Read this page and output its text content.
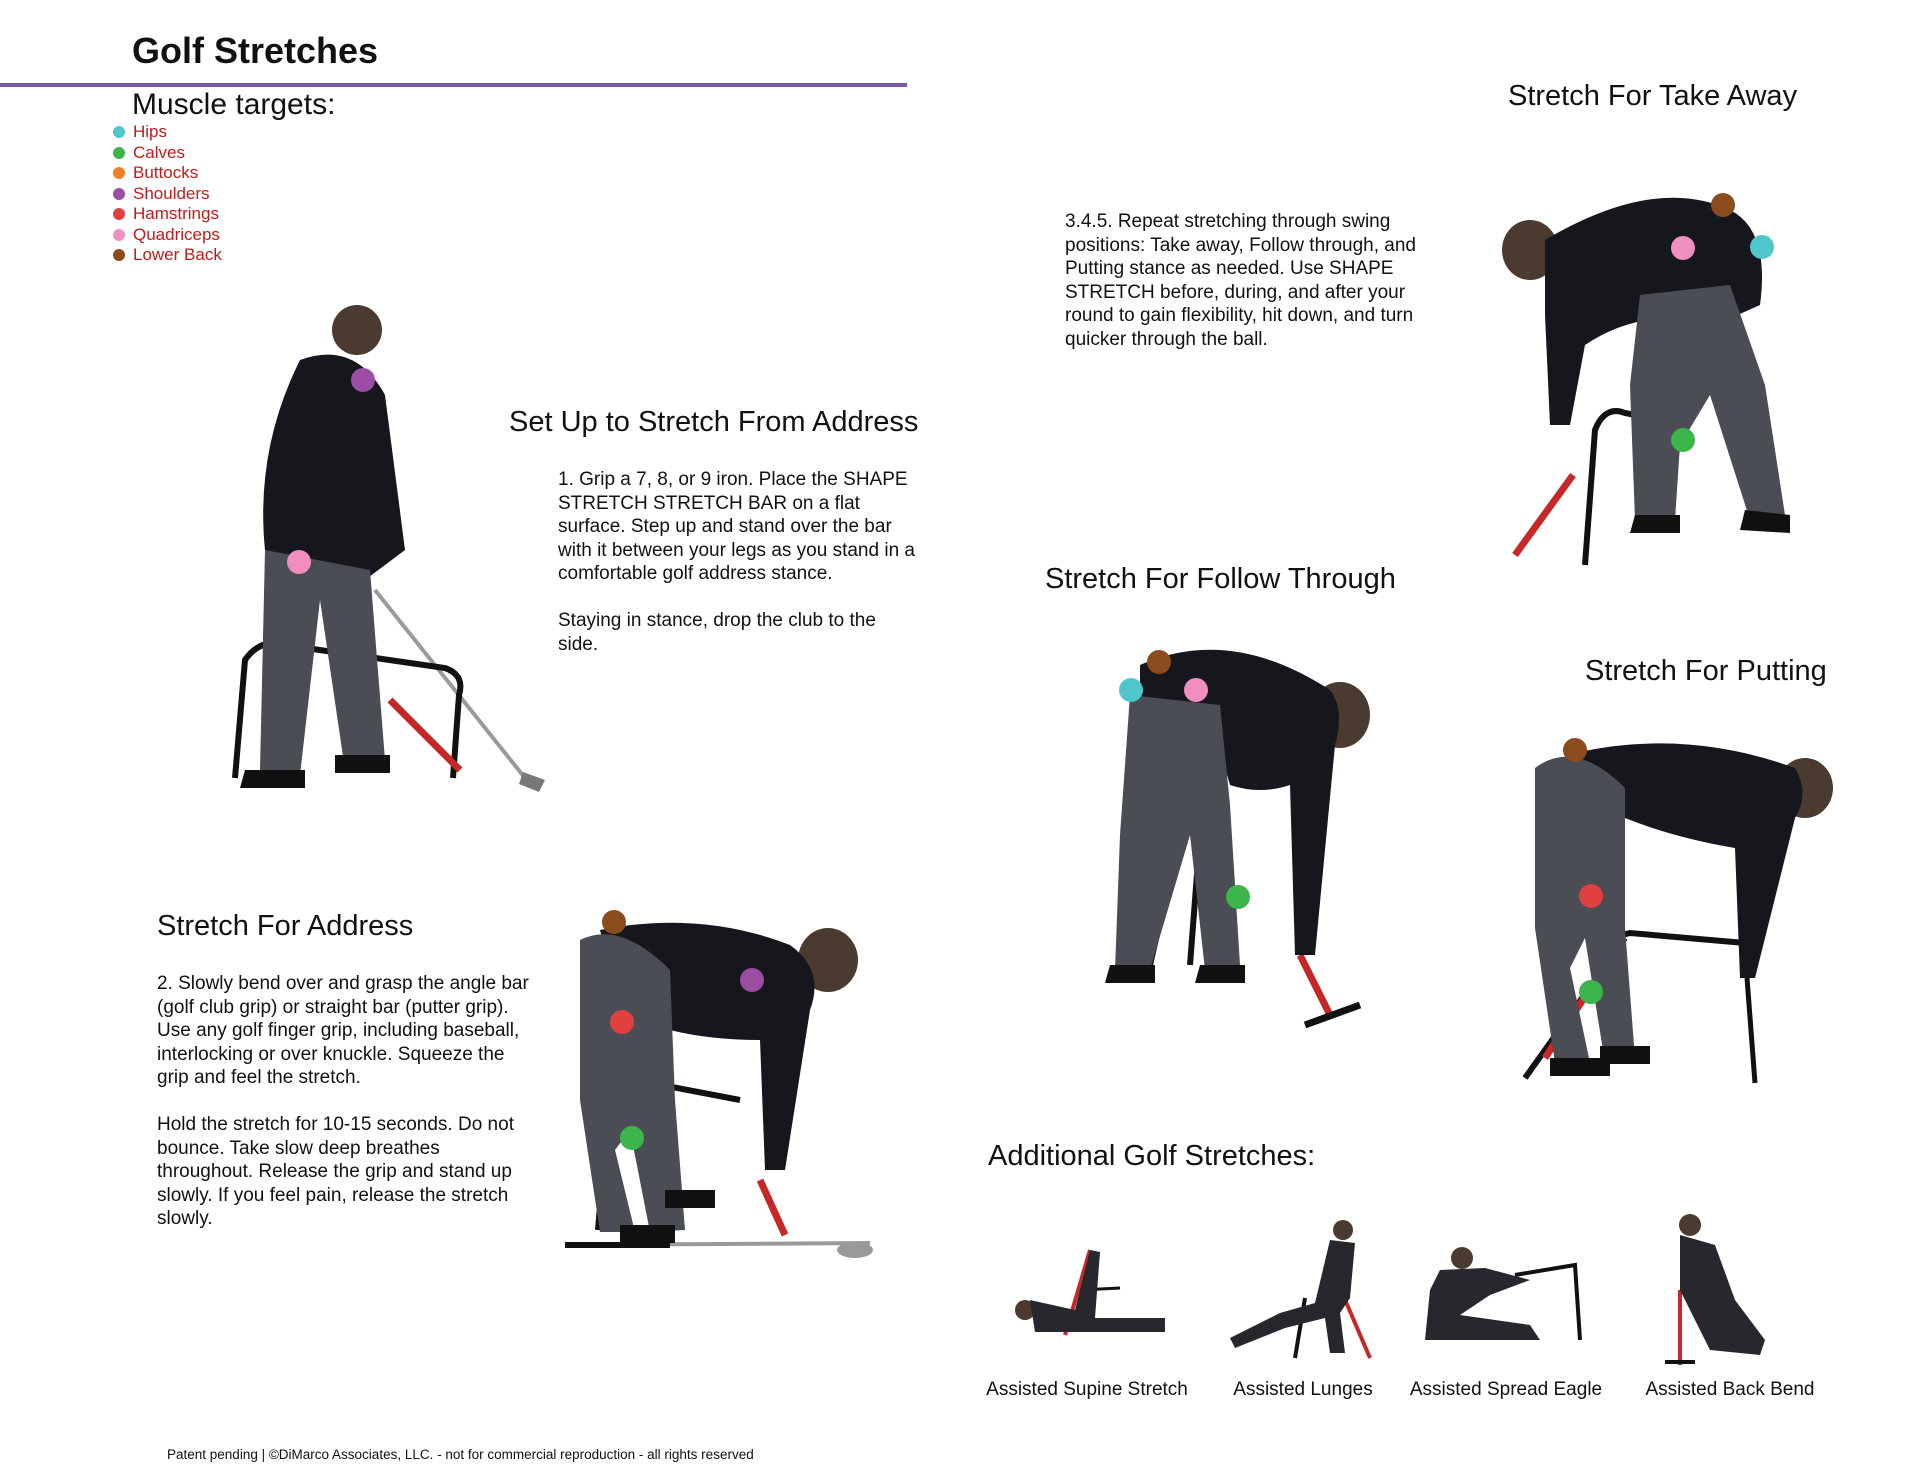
Golf Stretches
Muscle targets:
Hips
Calves
Buttocks
Shoulders
Hamstrings
Quadriceps
Lower Back
Set Up to Stretch From Address

1. Grip a 7, 8, or 9 iron. Place the SHAPE STRETCH STRETCH BAR on a flat surface. Step up and stand over the bar with it between your legs as you stand in a comfortable golf address stance.

Staying in stance, drop the club to the side.

Stretch For Take Away

3.4.5. Repeat stretching through swing positions: Take away, Follow through, and Putting stance as needed. Use SHAPE STRETCH before, during, and after your round to gain flexibility, hit down, and turn quicker through the ball.

Stretch For Follow Through
Stretch For Putting
Stretch For Address

2. Slowly bend over and grasp the angle bar (golf club grip) or straight bar (putter grip). Use any golf finger grip, including baseball, interlocking or over knuckle. Squeeze the grip and feel the stretch.

Hold the stretch for 10-15 seconds. Do not bounce. Take slow deep breathes throughout. Release the grip and stand up slowly. If you feel pain, release the stretch slowly.

Additional Golf Stretches:
Assisted Supine Stretch	Assisted Lunges	Assisted Spread Eagle	Assisted Back Bend
Patent pending | ©DiMarco Associates, LLC. - not for commercial reproduction - all rights reserved
